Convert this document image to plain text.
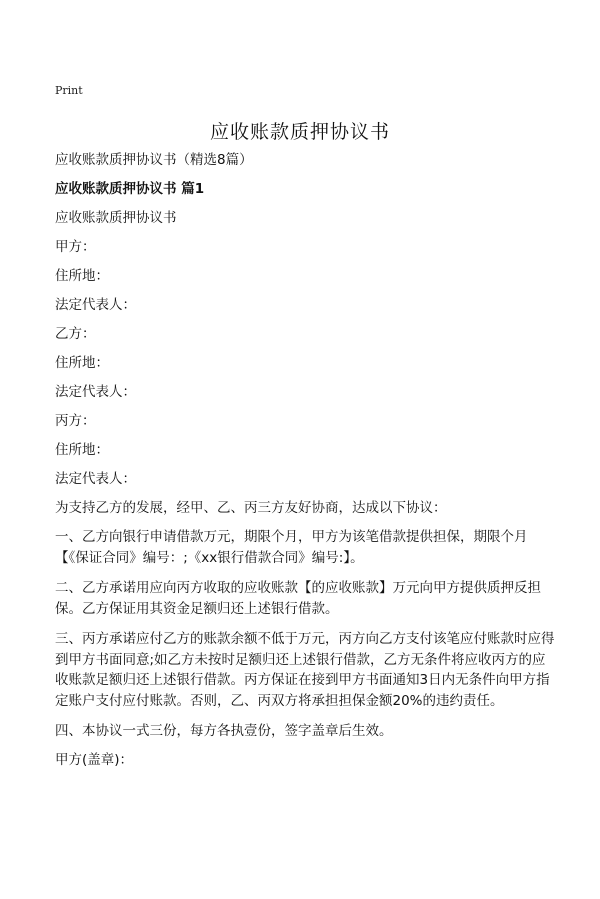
Print
应收账款质押协议书

应收账款质押协议书（精选8篇）

应收账款质押协议书 篇1

应收账款质押协议书

甲方：

住所地：

法定代表人：

乙方：

住所地：

法定代表人：

丙方：

住所地：

法定代表人：

为支持乙方的发展，经甲、乙、丙三方友好协商，达成以下协议：

一、乙方向银行申请借款万元，期限个月，甲方为该笔借款提供担保，期限个月【《保证合同》编号：;《xx银行借款合同》编号:】。

二、乙方承诺用应向丙方收取的应收账款【的应收账款】万元向甲方提供质押反担保。乙方保证用其资金足额归还上述银行借款。

三、丙方承诺应付乙方的账款余额不低于万元，丙方向乙方支付该笔应付账款时应得到甲方书面同意;如乙方未按时足额归还上述银行借款，乙方无条件将应收丙方的应收账款足额归还上述银行借款。丙方保证在接到甲方书面通知3日内无条件向甲方指定账户支付应付账款。否则，乙、丙双方将承担担保金额20%的违约责任。

四、本协议一式三份，每方各执壹份，签字盖章后生效。

甲方(盖章)：
